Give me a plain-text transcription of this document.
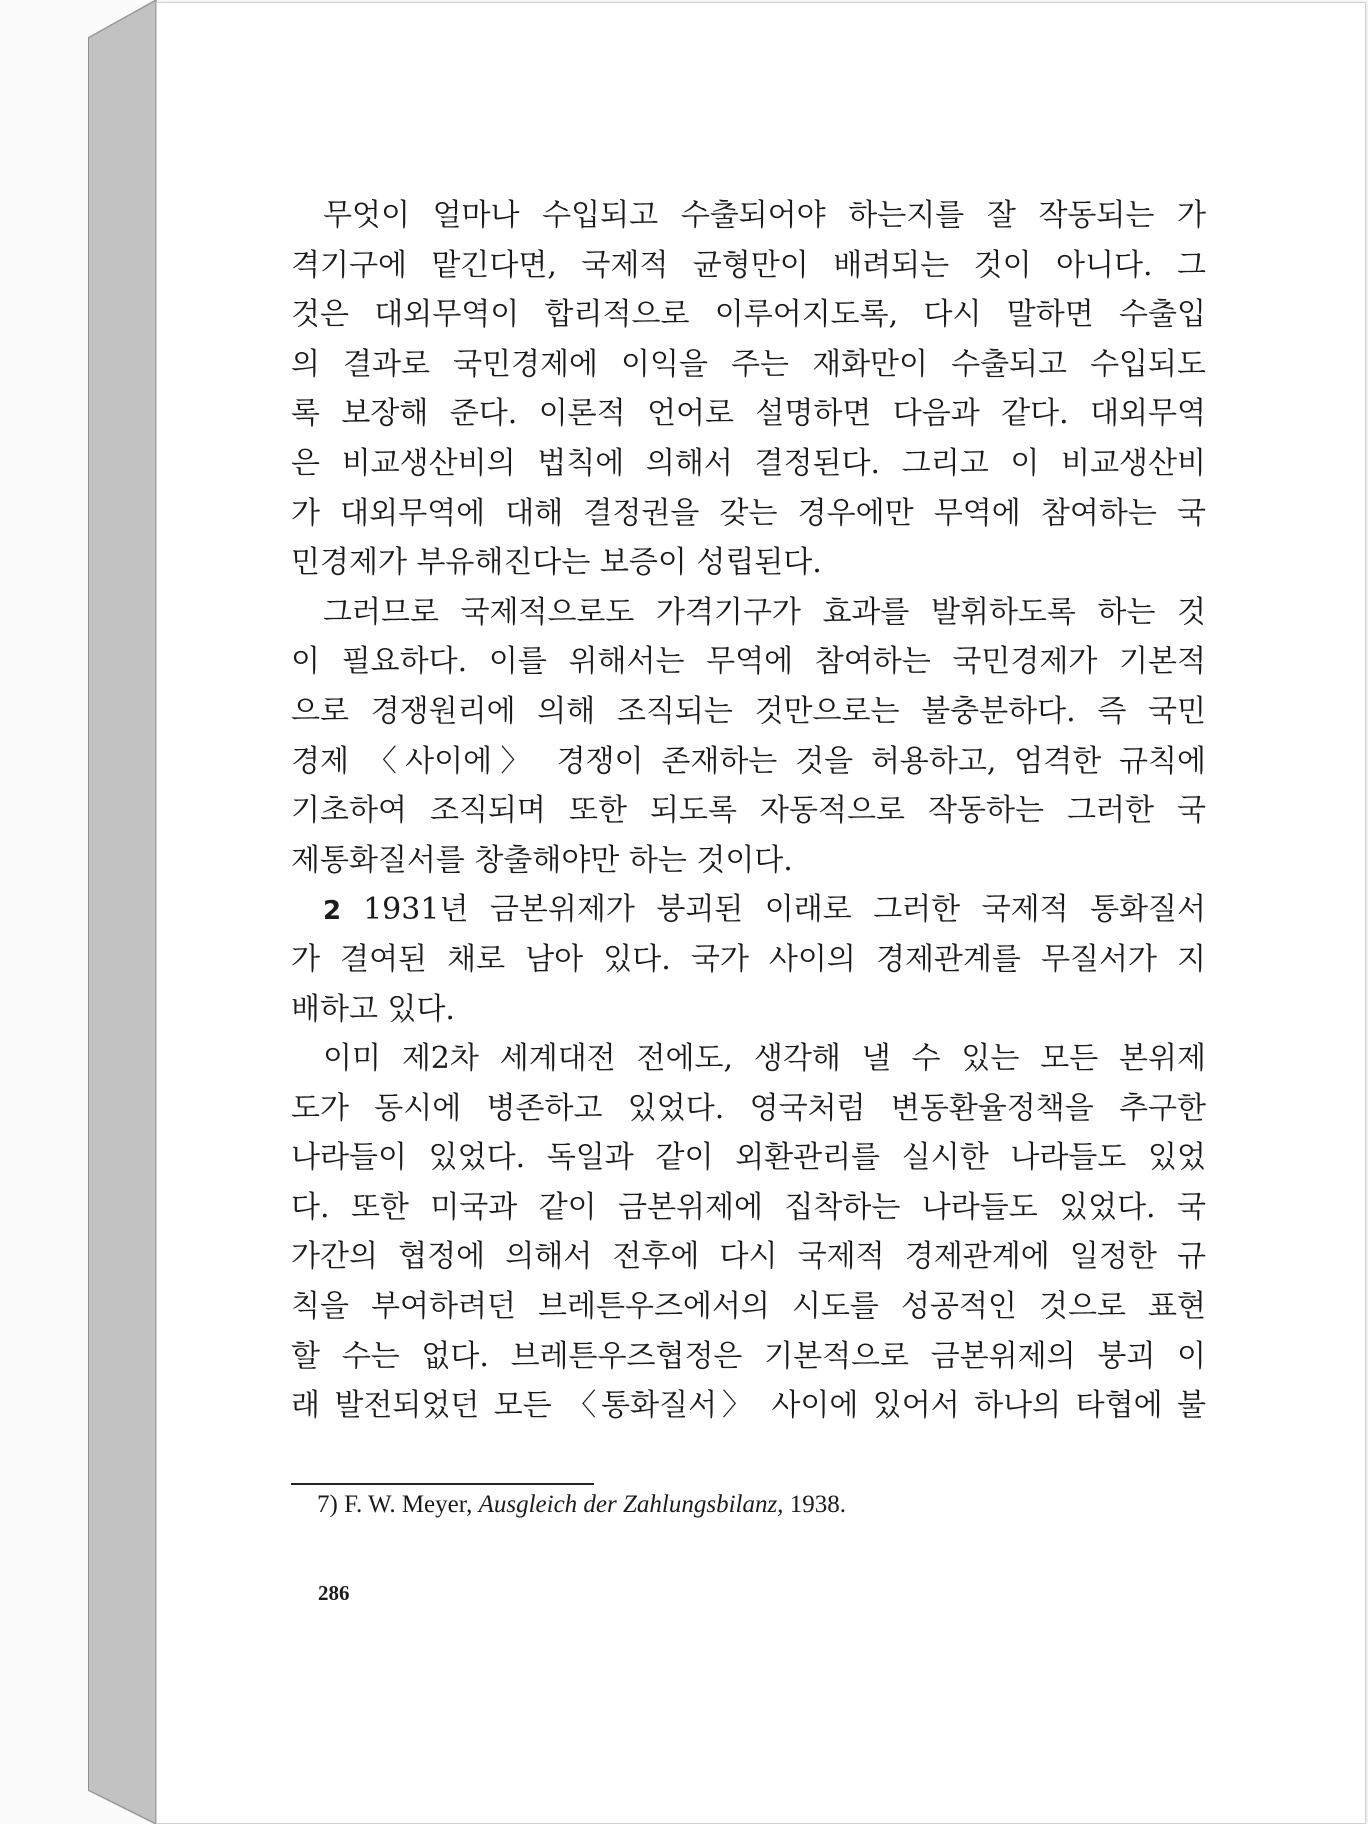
무엇이 얼마나 수입되고 수출되어야 하는지를 잘 작동되는 가
격기구에 맡긴다면, 국제적 균형만이 배려되는 것이 아니다. 그
것은 대외무역이 합리적으로 이루어지도록, 다시 말하면 수출입
의 결과로 국민경제에 이익을 주는 재화만이 수출되고 수입되도
록 보장해 준다. 이론적 언어로 설명하면 다음과 같다. 대외무역
은 비교생산비의 법칙에 의해서 결정된다. 그리고 이 비교생산비
가 대외무역에 대해 결정권을 갖는 경우에만 무역에 참여하는 국
민경제가 부유해진다는 보증이 성립된다.
그러므로 국제적으로도 가격기구가 효과를 발휘하도록 하는 것
이 필요하다. 이를 위해서는 무역에 참여하는 국민경제가 기본적
으로 경쟁원리에 의해 조직되는 것만으로는 불충분하다. 즉 국민
경제 〈사이에〉 경쟁이 존재하는 것을 허용하고, 엄격한 규칙에
기초하여 조직되며 또한 되도록 자동적으로 작동하는 그러한 국
제통화질서를 창출해야만 하는 것이다.
2 1931년 금본위제가 붕괴된 이래로 그러한 국제적 통화질서
가 결여된 채로 남아 있다. 국가 사이의 경제관계를 무질서가 지
배하고 있다.
이미 제2차 세계대전 전에도, 생각해 낼 수 있는 모든 본위제
도가 동시에 병존하고 있었다. 영국처럼 변동환율정책을 추구한
나라들이 있었다. 독일과 같이 외환관리를 실시한 나라들도 있었
다. 또한 미국과 같이 금본위제에 집착하는 나라들도 있었다. 국
가간의 협정에 의해서 전후에 다시 국제적 경제관계에 일정한 규
칙을 부여하려던 브레튼우즈에서의 시도를 성공적인 것으로 표현
할 수는 없다. 브레튼우즈협정은 기본적으로 금본위제의 붕괴 이
래 발전되었던 모든 〈통화질서〉 사이에 있어서 하나의 타협에 불
7) F. W. Meyer, Ausgleich der Zahlungsbilanz, 1938.
286
